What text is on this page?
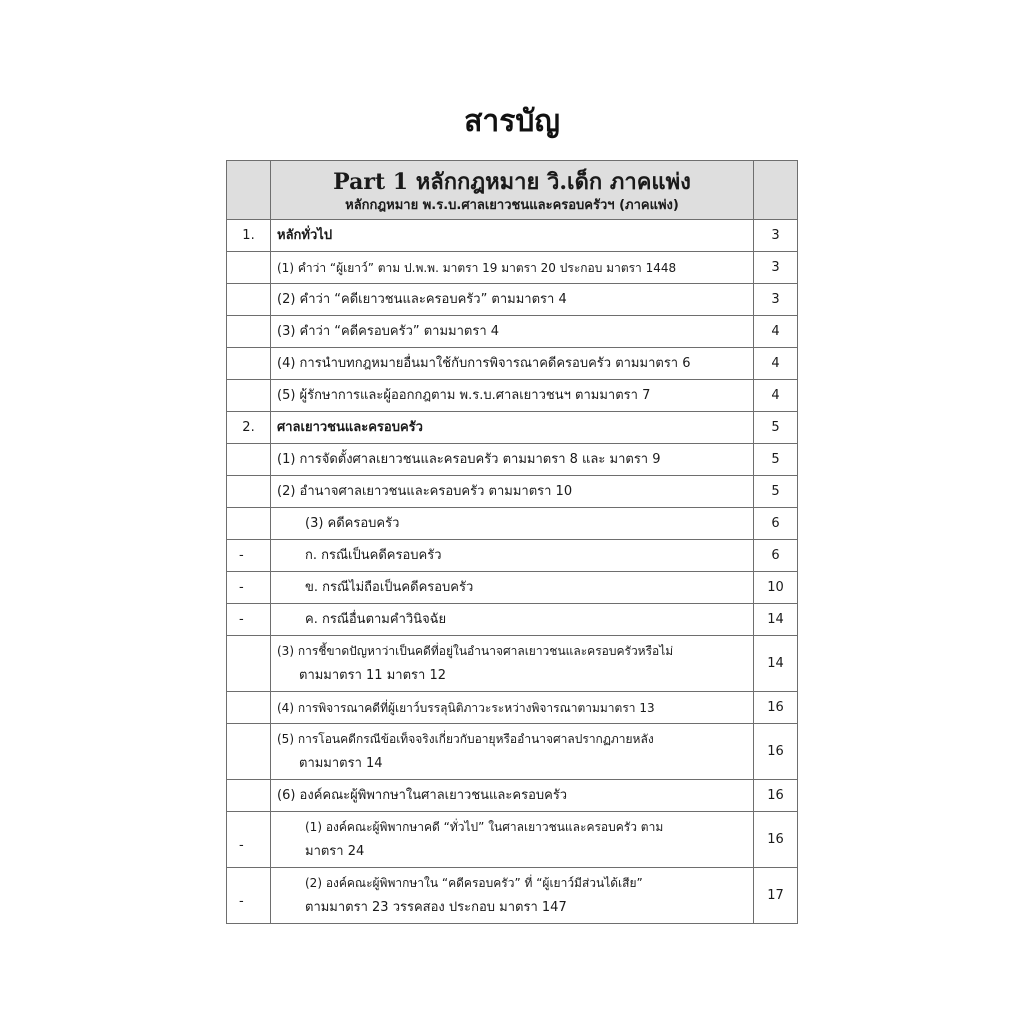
สารบัญ

	Part 1 หลักกฎหมาย วิ.เด็ก ภาคแพ่ง
หลักกฎหมาย พ.ร.บ.ศาลเยาวชนและครอบครัวฯ (ภาคแพ่ง)	

1.	หลักทั่วไป	3
	(1) คำว่า “ผู้เยาว์” ตาม ป.พ.พ. มาตรา 19 มาตรา 20 ประกอบ มาตรา 1448	3
	(2) คำว่า “คดีเยาวชนและครอบครัว” ตามมาตรา 4	3
	(3) คำว่า “คดีครอบครัว” ตามมาตรา 4	4
	(4) การนำบทกฎหมายอื่นมาใช้กับการพิจารณาคดีครอบครัว ตามมาตรา 6	4
	(5) ผู้รักษาการและผู้ออกกฎตาม พ.ร.บ.ศาลเยาวชนฯ ตามมาตรา 7	4
2.	ศาลเยาวชนและครอบครัว	5
	(1) การจัดตั้งศาลเยาวชนและครอบครัว ตามมาตรา 8 และ มาตรา 9	5
	(2) อำนาจศาลเยาวชนและครอบครัว ตามมาตรา 10	5
	(3) คดีครอบครัว	6
-	ก. กรณีเป็นคดีครอบครัว	6
-	ข. กรณีไม่ถือเป็นคดีครอบครัว	10
-	ค. กรณีอื่นตามคำวินิจฉัย	14
	(3) การชี้ขาดปัญหาว่าเป็นคดีที่อยู่ในอำนาจศาลเยาวชนและครอบครัวหรือไม่
ตามมาตรา 11 มาตรา 12	14
	(4) การพิจารณาคดีที่ผู้เยาว์บรรลุนิติภาวะระหว่างพิจารณาตามมาตรา 13	16
	(5) การโอนคดีกรณีข้อเท็จจริงเกี่ยวกับอายุหรืออำนาจศาลปรากฏภายหลัง
ตามมาตรา 14	16
	(6) องค์คณะผู้พิพากษาในศาลเยาวชนและครอบครัว	16
-	(1) องค์คณะผู้พิพากษาคดี “ทั่วไป” ในศาลเยาวชนและครอบครัว ตาม
มาตรา 24	16
-	(2) องค์คณะผู้พิพากษาใน “คดีครอบครัว” ที่ “ผู้เยาว์มีส่วนได้เสีย”
ตามมาตรา 23 วรรคสอง ประกอบ มาตรา 147	17
